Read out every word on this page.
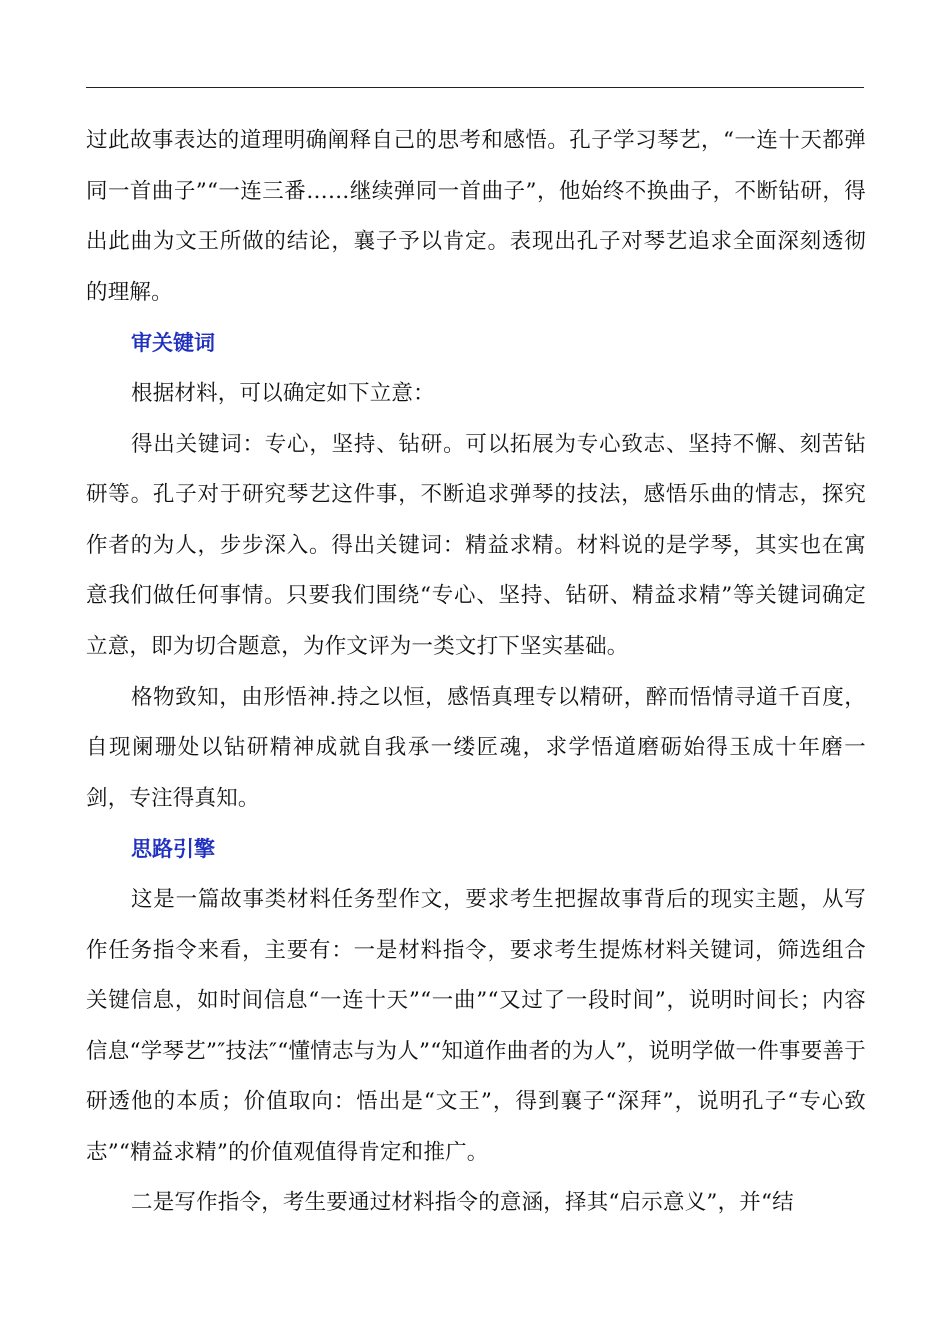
过此故事表达的道理明确阐释自己的思考和感悟。孔子学习琴艺，“一连十天都弹同一首曲子”“一连三番……继续弹同一首曲子”，他始终不换曲子，不断钻研，得出此曲为文王所做的结论，襄子予以肯定。表现出孔子对琴艺追求全面深刻透彻的理解。

审关键词

根据材料，可以确定如下立意：

得出关键词：专心，坚持、钻研。可以拓展为专心致志、坚持不懈、刻苦钻研等。孔子对于研究琴艺这件事，不断追求弹琴的技法，感悟乐曲的情志，探究作者的为人，步步深入。得出关键词：精益求精。材料说的是学琴，其实也在寓意我们做任何事情。只要我们围绕“专心、坚持、钻研、精益求精”等关键词确定立意，即为切合题意，为作文评为一类文打下坚实基础。

格物致知，由形悟神.持之以恒，感悟真理专以精研，醉而悟情寻道千百度，自现阑珊处以钻研精神成就自我承一缕匠魂，求学悟道磨砺始得玉成十年磨一剑，专注得真知。

思路引擎

这是一篇故事类材料任务型作文，要求考生把握故事背后的现实主题，从写作任务指令来看，主要有：一是材料指令，要求考生提炼材料关键词，筛选组合关键信息，如时间信息“一连十天”“一曲”“又过了一段时间”，说明时间长；内容信息“学琴艺”″技法″“懂情志与为人”“知道作曲者的为人”，说明学做一件事要善于研透他的本质；价值取向：悟出是“文王”，得到襄子“深拜”，说明孔子“专心致志”“精益求精”的价值观值得肯定和推广。

二是写作指令，考生要通过材料指令的意涵，择其“启示意义”，并“结
